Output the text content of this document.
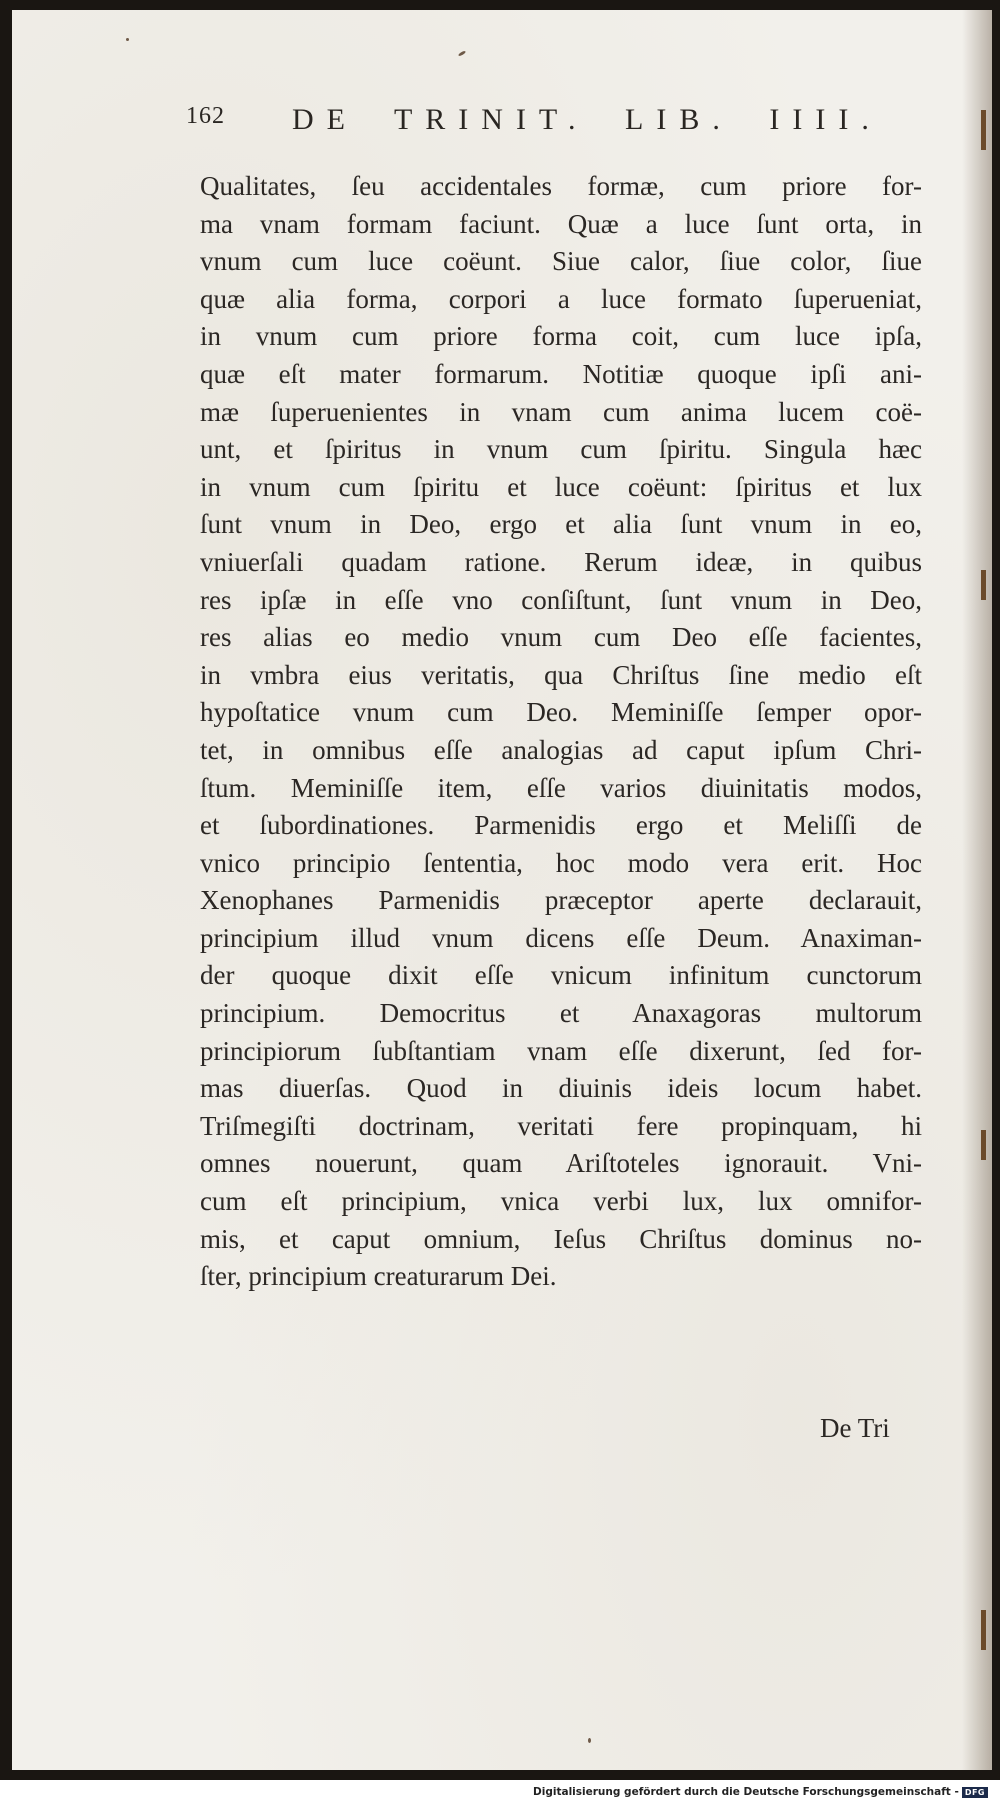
162 DE TRINIT. LIB. IIII.
Qualitates, ſeu accidentales formæ, cum priore for-
ma vnam formam faciunt. Quæ a luce ſunt orta, in
vnum cum luce coëunt. Siue calor, ſiue color, ſiue
quæ alia forma, corpori a luce formato ſuperueniat,
in vnum cum priore forma coit, cum luce ipſa,
quæ eſt mater formarum. Notitiæ quoque ipſi ani-
mæ ſuperuenientes in vnam cum anima lucem coë-
unt, et ſpiritus in vnum cum ſpiritu. Singula hæc
in vnum cum ſpiritu et luce coëunt: ſpiritus et lux
ſunt vnum in Deo, ergo et alia ſunt vnum in eo,
vniuerſali quadam ratione. Rerum ideæ, in quibus
res ipſæ in eſſe vno conſiſtunt, ſunt vnum in Deo,
res alias eo medio vnum cum Deo eſſe facientes,
in vmbra eius veritatis, qua Chriſtus ſine medio eſt
hypoſtatice vnum cum Deo. Meminiſſe ſemper opor-
tet, in omnibus eſſe analogias ad caput ipſum Chri-
ſtum. Meminiſſe item, eſſe varios diuinitatis modos,
et ſubordinationes. Parmenidis ergo et Meliſſi de
vnico principio ſententia, hoc modo vera erit. Hoc
Xenophanes Parmenidis præceptor aperte declarauit,
principium illud vnum dicens eſſe Deum. Anaximan-
der quoque dixit eſſe vnicum infinitum cunctorum
principium. Democritus et Anaxagoras multorum
principiorum ſubſtantiam vnam eſſe dixerunt, ſed for-
mas diuerſas. Quod in diuinis ideis locum habet.
Triſmegiſti doctrinam, veritati fere propinquam, hi
omnes nouerunt, quam Ariſtoteles ignorauit. Vni-
cum eſt principium, vnica verbi lux, lux omnifor-
mis, et caput omnium, Ieſus Chriſtus dominus no-
ſter, principium creaturarum Dei.
De Tri
Digitalisierung gefördert durch die Deutsche Forschungsgemeinschaft - DFG
